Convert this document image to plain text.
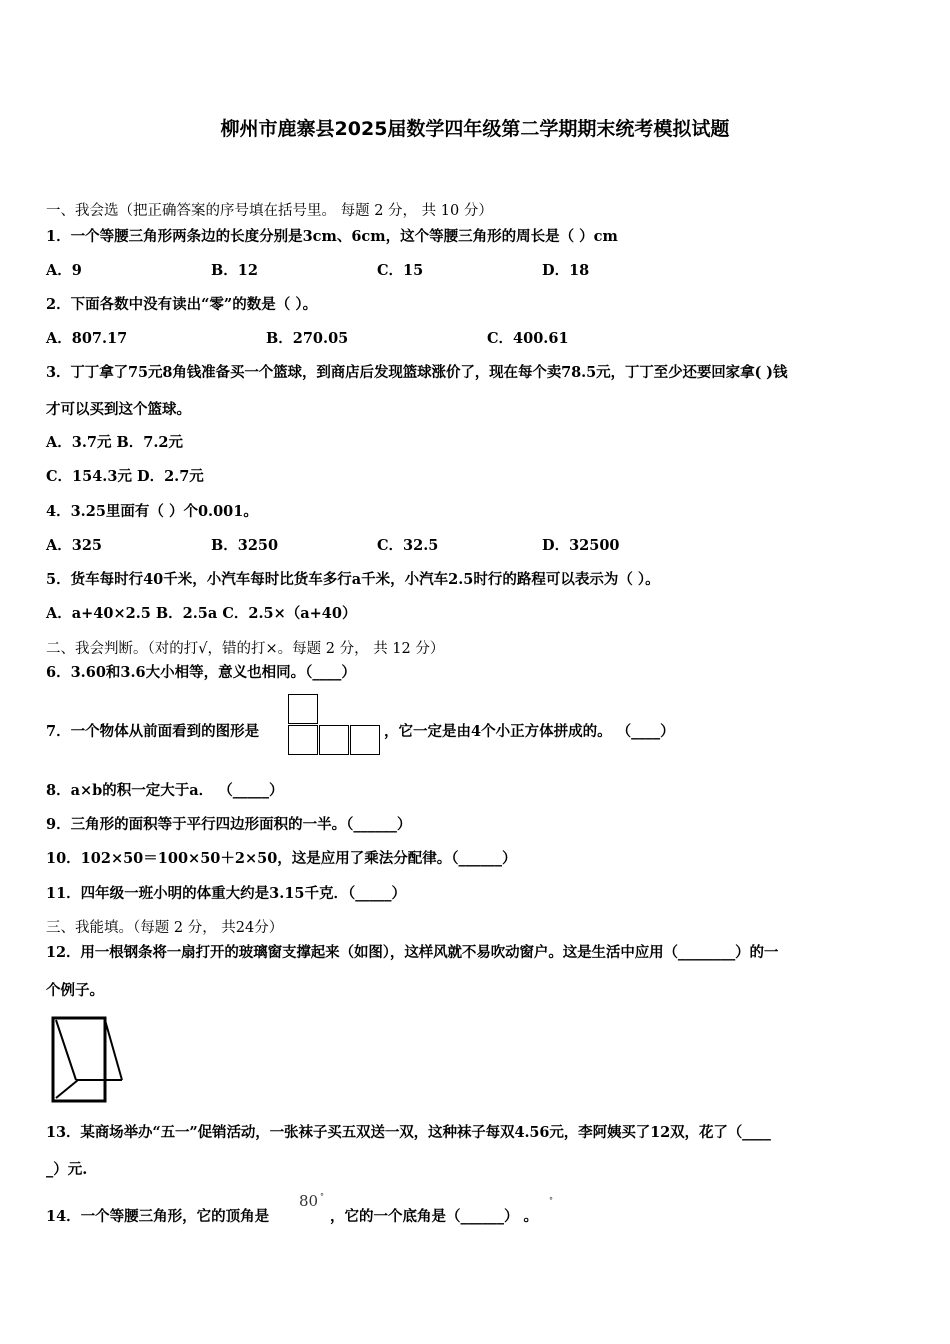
柳州市鹿寨县2025届数学四年级第二学期期末统考模拟试题
一、我会选（把正确答案的序号填在括号里。 每题 2 分， 共 10 分）
1．一个等腰三角形两条边的长度分别是3cm、6cm，这个等腰三角形的周长是（ ）cm
A．9	B．12	C．15	D．18
2．下面各数中没有读出“零”的数是（ ）。
A．807.17	B．270.05	C．400.61
3．丁丁拿了75元8角钱准备买一个篮球，到商店后发现篮球涨价了，现在每个卖78.5元，丁丁至少还要回家拿( )钱
才可以买到这个篮球。
A．3.7元 B．7.2元
C．154.3元 D．2.7元
4．3.25里面有（ ）个0.001。
A．325	B．3250	C．32.5	D．32500
5．货车每时行40千米，小汽车每时比货车多行a千米，小汽车2.5时行的路程可以表示为（ ）。
A．a+40×2.5 B．2.5a C．2.5×（a+40）
二、我会判断。（对的打√，错的打×。每题 2 分， 共 12 分）
6．3.60和3.6大小相等，意义也相同。（____）
7．一个物体从前面看到的图形是	，它一定是由4个小正方体拼成的。 （____）
8．a×b的积一定大于a． （_____）
9．三角形的面积等于平行四边形面积的一半。（______）
10．102×50＝100×50＋2×50，这是应用了乘法分配律。（______）
11．四年级一班小明的体重大约是3.15千克．（_____）
三、我能填。（每题 2 分， 共24分）
12．用一根钢条将一扇打开的玻璃窗支撑起来（如图），这样风就不易吹动窗户。这是生活中应用（________）的一
个例子。
13．某商场举办“五一”促销活动，一张袜子买五双送一双，这种袜子每双4.56元，李阿姨买了12双，花了（____
_）元.
14．一个等腰三角形，它的顶角是
80 °
，它的一个底角是（______） 。
°
